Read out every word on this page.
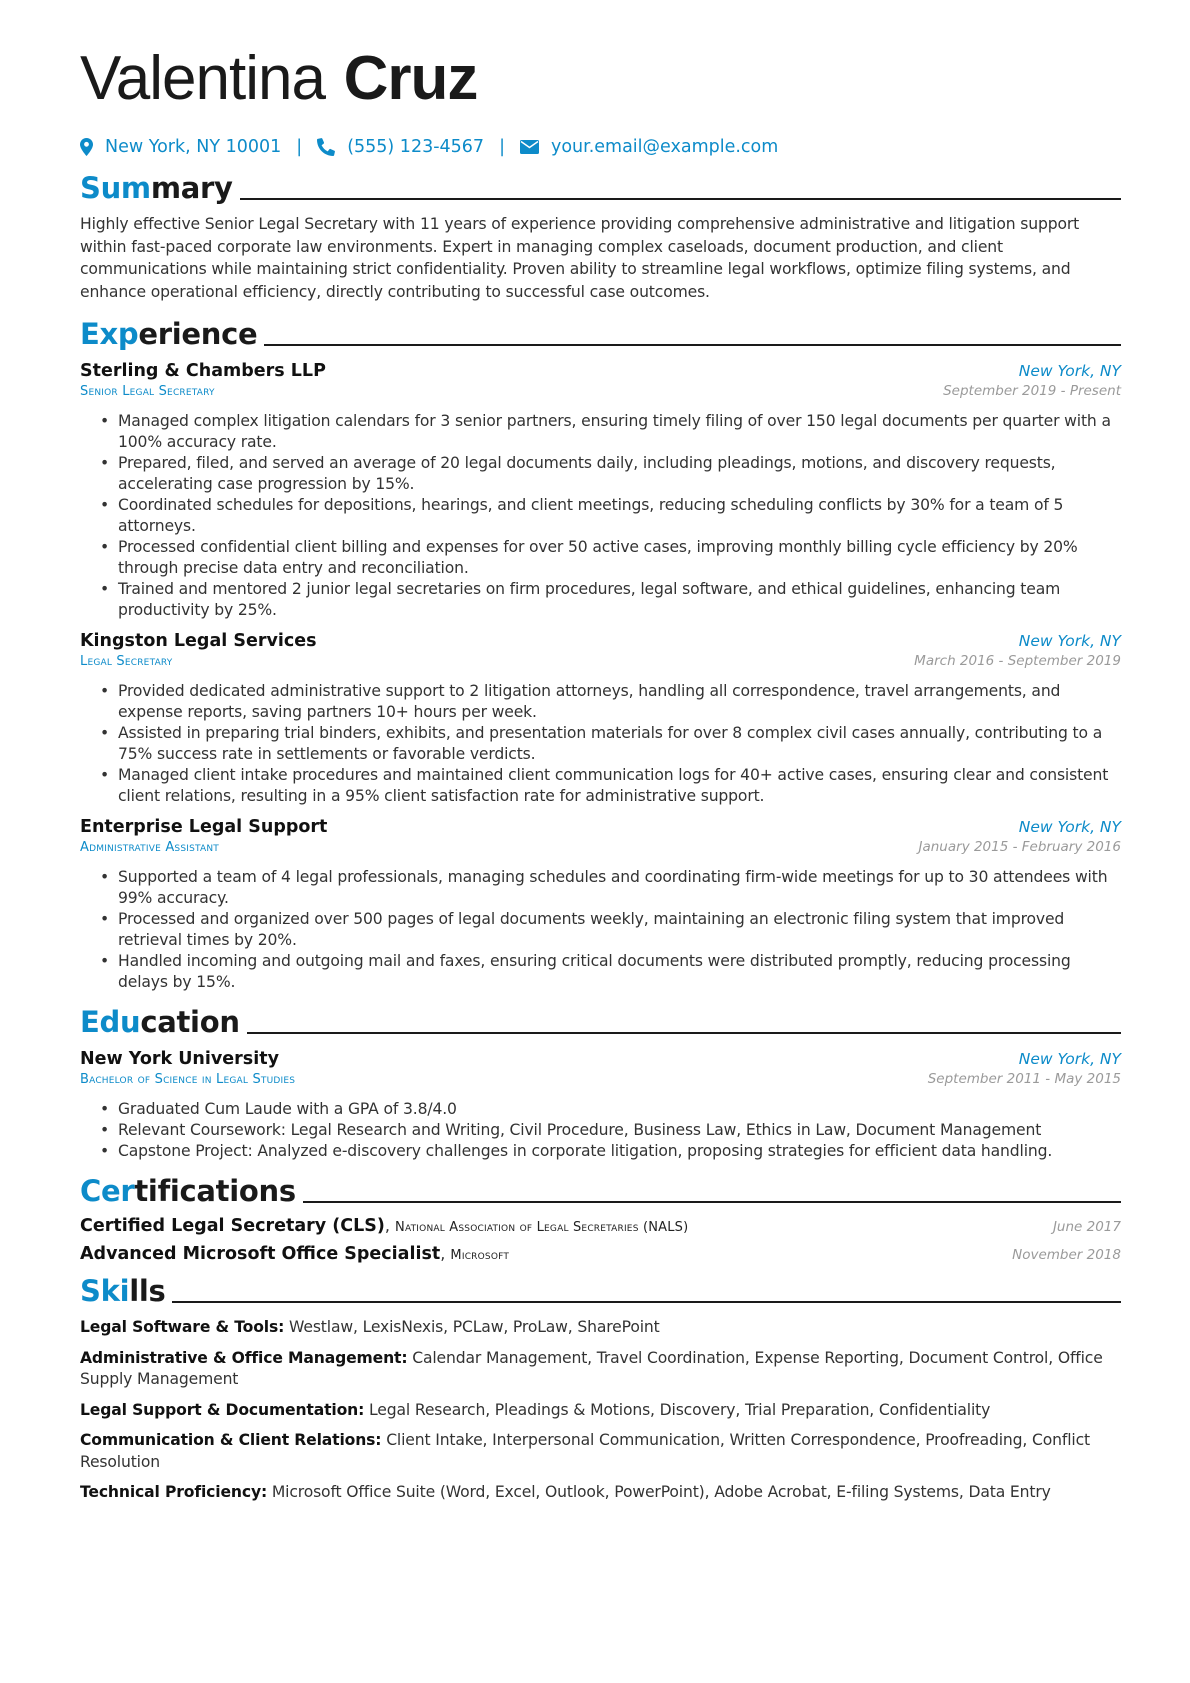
Valentina Cruz
New York, NY 10001 |	(555) 123-4567 |	your.email@example.com
Summary

Highly effective Senior Legal Secretary with 11 years of experience providing comprehensive administrative and litigation support within fast-paced corporate law environments. Expert in managing complex caseloads, document production, and client communications while maintaining strict confidentiality. Proven ability to streamline legal workflows, optimize filing systems, and enhance operational efficiency, directly contributing to successful case outcomes.

Experience
Sterling & Chambers LLP	New York, NY
Senior Legal Secretary	September 2019 - Present
• Managed complex litigation calendars for 3 senior partners, ensuring timely filing of over 150 legal documents per quarter with a 100% accuracy rate.
• Prepared, filed, and served an average of 20 legal documents daily, including pleadings, motions, and discovery requests, accelerating case progression by 15%.
• Coordinated schedules for depositions, hearings, and client meetings, reducing scheduling conflicts by 30% for a team of 5 attorneys.
• Processed confidential client billing and expenses for over 50 active cases, improving monthly billing cycle efficiency by 20% through precise data entry and reconciliation.
• Trained and mentored 2 junior legal secretaries on firm procedures, legal software, and ethical guidelines, enhancing team productivity by 25%.
Kingston Legal Services	New York, NY
Legal Secretary	March 2016 - September 2019
• Provided dedicated administrative support to 2 litigation attorneys, handling all correspondence, travel arrangements, and expense reports, saving partners 10+ hours per week.
• Assisted in preparing trial binders, exhibits, and presentation materials for over 8 complex civil cases annually, contributing to a 75% success rate in settlements or favorable verdicts.
• Managed client intake procedures and maintained client communication logs for 40+ active cases, ensuring clear and consistent client relations, resulting in a 95% client satisfaction rate for administrative support.
Enterprise Legal Support	New York, NY
Administrative Assistant	January 2015 - February 2016
• Supported a team of 4 legal professionals, managing schedules and coordinating firm-wide meetings for up to 30 attendees with 99% accuracy.
• Processed and organized over 500 pages of legal documents weekly, maintaining an electronic filing system that improved retrieval times by 20%.
• Handled incoming and outgoing mail and faxes, ensuring critical documents were distributed promptly, reducing processing delays by 15%.
Education
New York University	New York, NY
Bachelor of Science in Legal Studies	September 2011 - May 2015
• Graduated Cum Laude with a GPA of 3.8/4.0
• Relevant Coursework: Legal Research and Writing, Civil Procedure, Business Law, Ethics in Law, Document Management
• Capstone Project: Analyzed e-discovery challenges in corporate litigation, proposing strategies for efficient data handling.
Certifications
Certified Legal Secretary (CLS), National Association of Legal Secretaries (NALS)	June 2017
Advanced Microsoft Office Specialist, Microsoft	November 2018
Skills

Legal Software & Tools: Westlaw, LexisNexis, PCLaw, ProLaw, SharePoint

Administrative & Office Management: Calendar Management, Travel Coordination, Expense Reporting, Document Control, Office Supply Management

Legal Support & Documentation: Legal Research, Pleadings & Motions, Discovery, Trial Preparation, Confidentiality

Communication & Client Relations: Client Intake, Interpersonal Communication, Written Correspondence, Proofreading, Conflict Resolution

Technical Proficiency: Microsoft Office Suite (Word, Excel, Outlook, PowerPoint), Adobe Acrobat, E-filing Systems, Data Entry
